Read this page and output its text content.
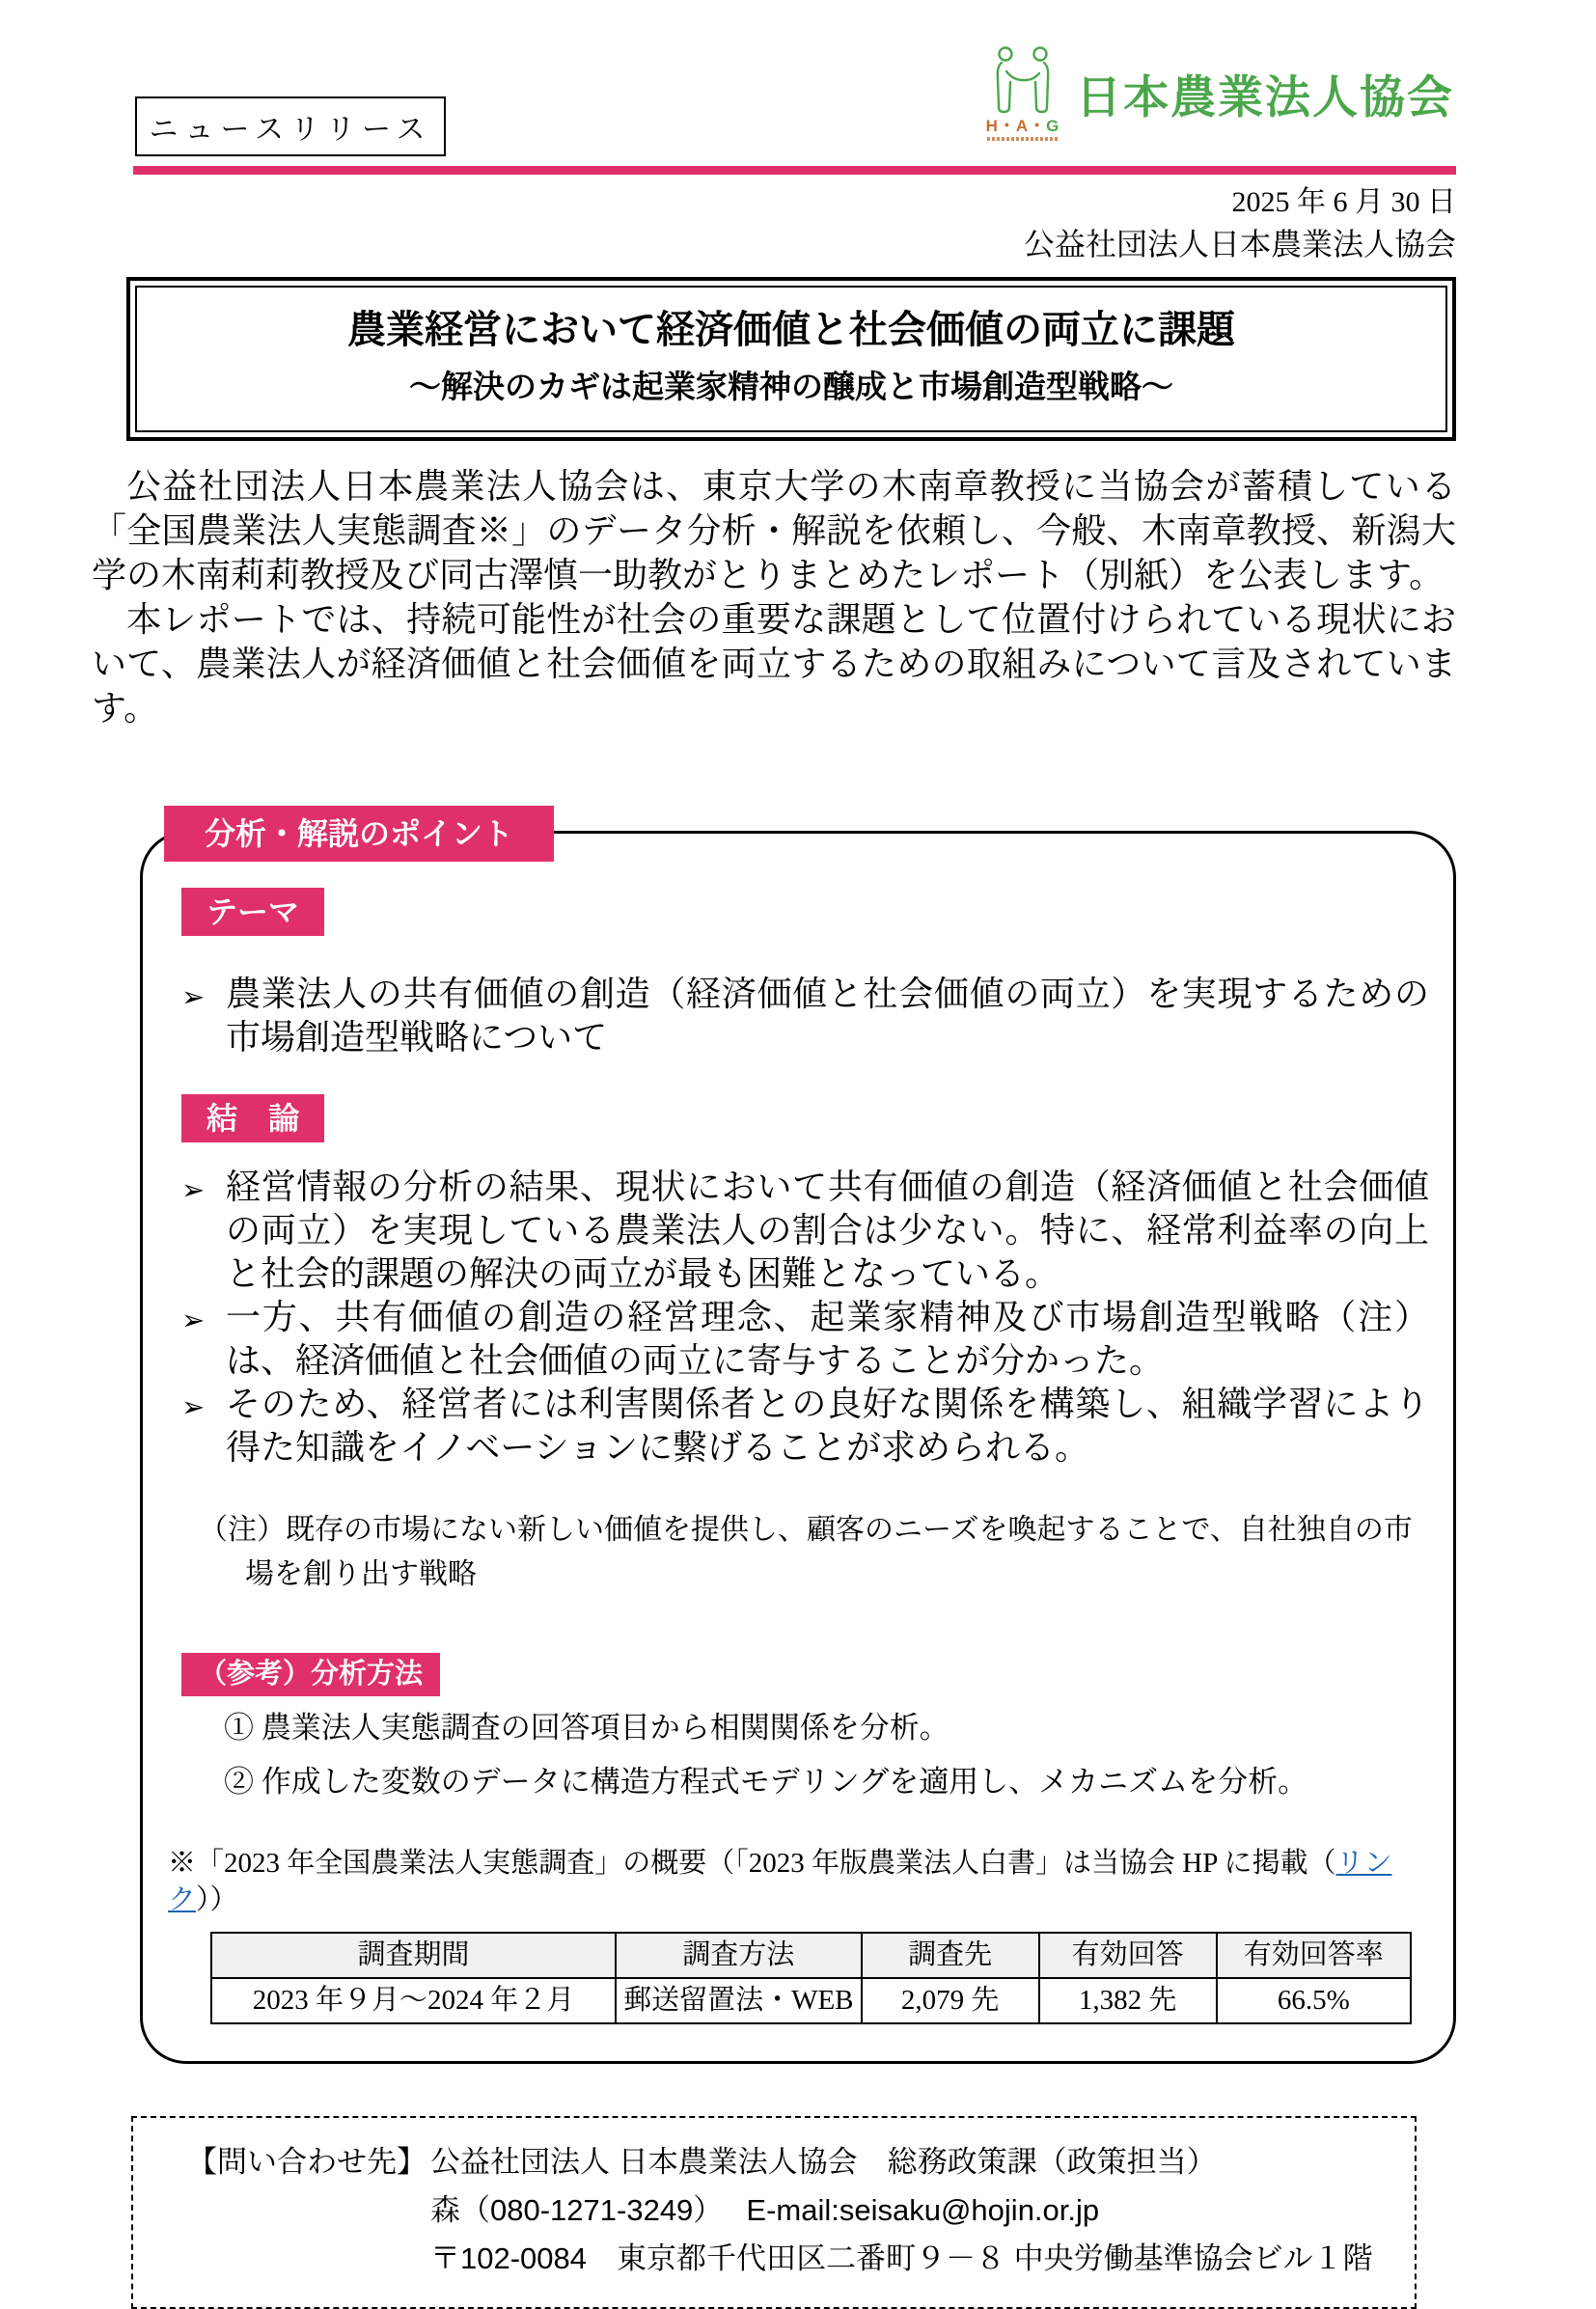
ニュースリリース	H・A・G
日本農業法人協会
2025 年 6 月 30 日
公益社団法人日本農業法人協会
農業経営において経済価値と社会価値の両立に課題
～解決のカギは起業家精神の醸成と市場創造型戦略～

公益社団法人日本農業法人協会は、東京大学の木南章教授に当協会が蓄積している「全国農業法人実態調査※」のデータ分析・解説を依頼し、今般、木南章教授、新潟大学の木南莉莉教授及び同古澤慎一助教がとりまとめたレポート（別紙）を公表します。

本レポートでは、持続可能性が社会の重要な課題として位置付けられている現状において、農業法人が経済価値と社会価値を両立するための取組みについて言及されています。

分析・解説のポイント
テーマ
➢ 農業法人の共有価値の創造（経済価値と社会価値の両立）を実現するための市場創造型戦略について
結　論
➢ 経営情報の分析の結果、現状において共有価値の創造（経済価値と社会価値の両立）を実現している農業法人の割合は少ない。特に、経常利益率の向上と社会的課題の解決の両立が最も困難となっている。
➢ 一方、共有価値の創造の経営理念、起業家精神及び市場創造型戦略（注）は、経済価値と社会価値の両立に寄与することが分かった。
➢ そのため、経営者には利害関係者との良好な関係を構築し、組織学習により得た知識をイノベーションに繋げることが求められる。
（注）既存の市場にない新しい価値を提供し、顧客のニーズを喚起することで、自社独自の市場を創り出す戦略
（参考）分析方法
① 農業法人実態調査の回答項目から相関関係を分析。
② 作成した変数のデータに構造方程式モデリングを適用し、メカニズムを分析。
※「2023 年全国農業法人実態調査」の概要（「2023 年版農業法人白書」は当協会 HP に掲載（リンク））
調査期間	調査方法	調査先	有効回答	有効回答率
2023 年９月～2024 年２月	郵送留置法・WEB	2,079 先	1,382 先	66.5%
【問い合わせ先】 公益社団法人 日本農業法人協会　総務政策課（政策担当）
森（080-1271-3249）　 E-mail:seisaku@hojin.or.jp
〒102-0084　東京都千代田区二番町９－８ 中央労働基準協会ビル１階
